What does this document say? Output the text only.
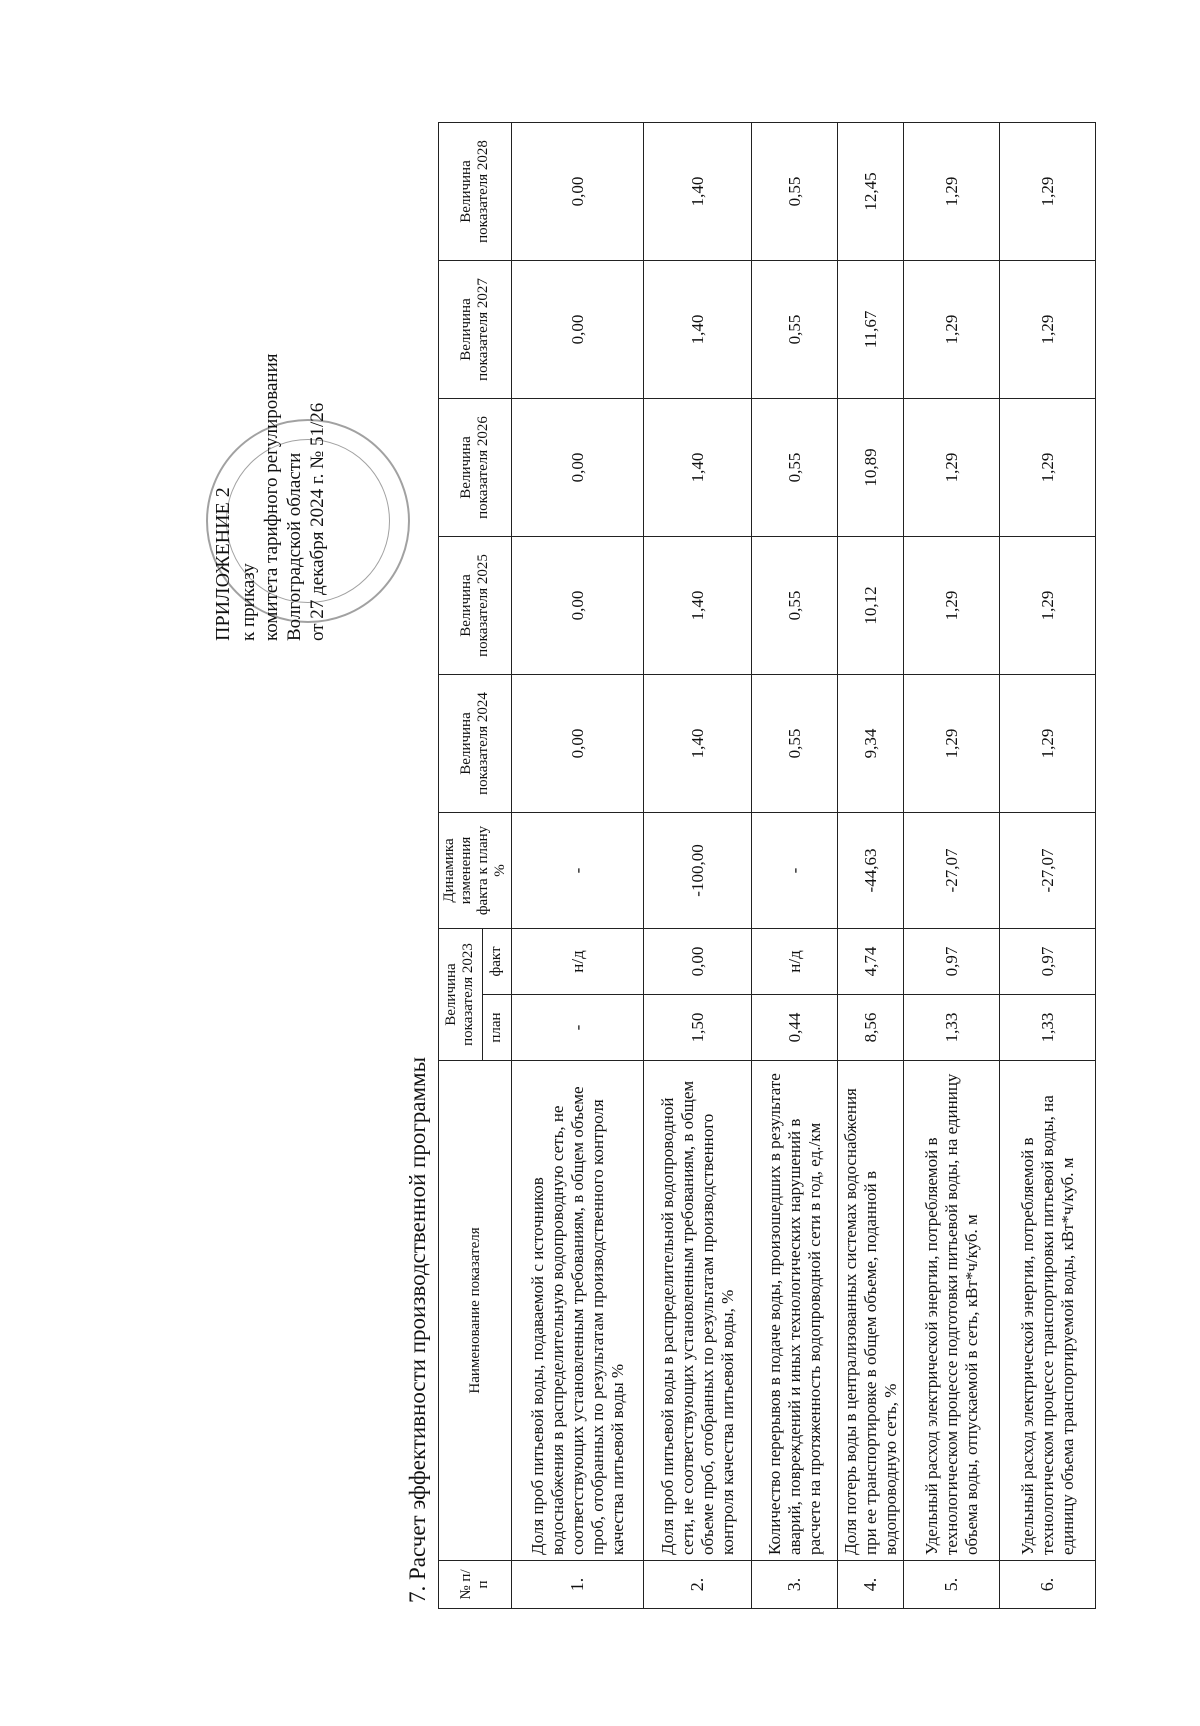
ПРИЛОЖЕНИЕ 2 к приказу комитета тарифного регулирования Волгоградской области от 27 декабря 2024 г. № 51/26
7. Расчет эффективности производственной программы № п/п	Наименование показателя	Величина показателя 2023		Динамика изменения факта к плану %	Величина показателя 2024	Величина показателя 2025	Величина показателя 2026	Величина показателя 2027	Величина показателя 2028
		план	факт						
1.	Доля проб питьевой воды, подаваемой с источников водоснабжения в распределительную водопроводную сеть, не соответствующих установленным требованиям, в общем объеме проб, отобранных по результатам производственного контроля качества питьевой воды %	-	н/д	-	0,00	0,00	0,00	0,00	0,00
2.	Доля проб питьевой воды в распределительной водопроводной сети, не соответствующих установленным требованиям, в общем объеме проб, отобранных по результатам производственного контроля качества питьевой воды, %	1,50	0,00	-100,00	1,40	1,40	1,40	1,40	1,40
3.	Количество перерывов в подаче воды, произошедших в результате аварий, повреждений и иных технологических нарушений в расчете на протяженность водопроводной сети в год, ед./км	0,44	н/д	-	0,55	0,55	0,55	0,55	0,55
4.	Доля потерь воды в централизованных системах водоснабжения при ее транспортировке в общем объеме, поданной в водопроводную сеть, %	8,56	4,74	-44,63	9,34	10,12	10,89	11,67	12,45
5.	Удельный расход электрической энергии, потребляемой в технологическом процессе подготовки питьевой воды, на единицу объема воды, отпускаемой в сеть, кВт*ч/куб. м	1,33	0,97	-27,07	1,29	1,29	1,29	1,29	1,29
6.	Удельный расход электрической энергии, потребляемой в технологическом процессе транспортировки питьевой воды, на единицу объема транспортируемой воды, кВт*ч/куб. м	1,33	0,97	-27,07	1,29	1,29	1,29	1,29	1,29
